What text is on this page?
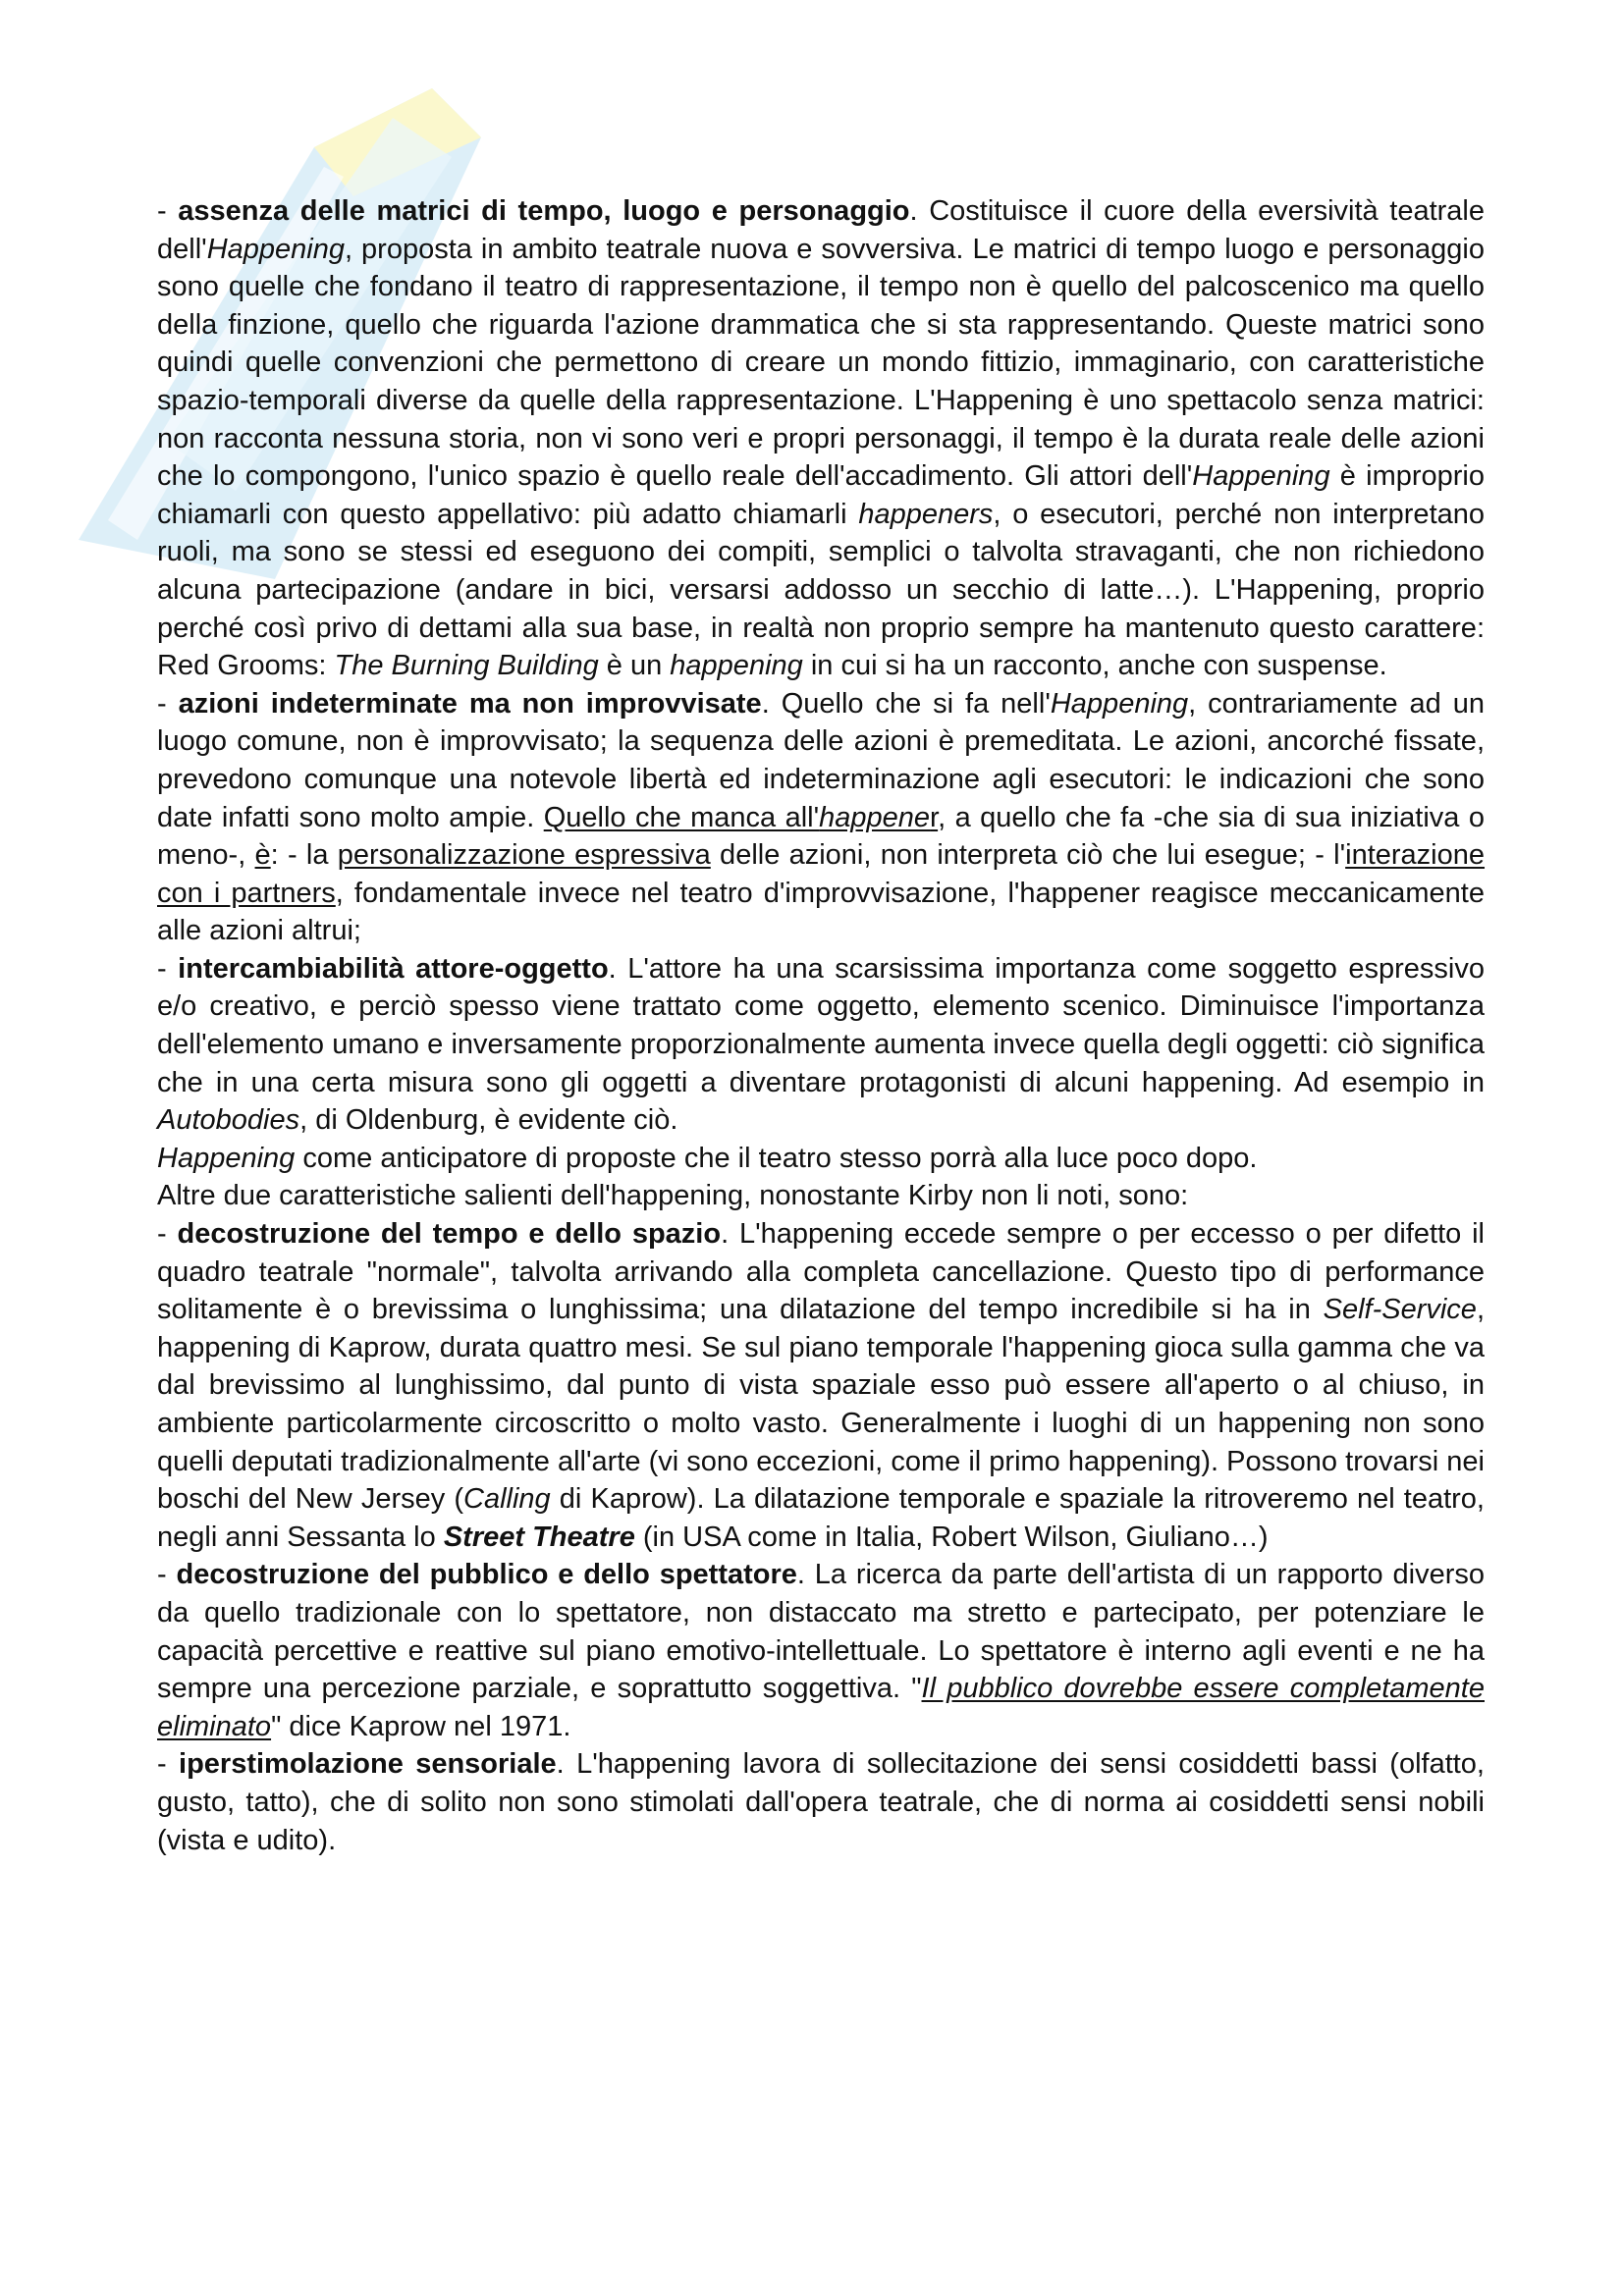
- assenza delle matrici di tempo, luogo e personaggio. Costituisce il cuore della eversività teatrale dell'Happening, proposta in ambito teatrale nuova e sovversiva. Le matrici di tempo luogo e personaggio sono quelle che fondano il teatro di rappresentazione, il tempo non è quello del palcoscenico ma quello della finzione, quello che riguarda l'azione drammatica che si sta rappresentando. Queste matrici sono quindi quelle convenzioni che permettono di creare un mondo fittizio, immaginario, con caratteristiche spazio-temporali diverse da quelle della rappresentazione. L'Happening è uno spettacolo senza matrici: non racconta nessuna storia, non vi sono veri e propri personaggi, il tempo è la durata reale delle azioni che lo compongono, l'unico spazio è quello reale dell'accadimento. Gli attori dell'Happening è improprio chiamarli con questo appellativo: più adatto chiamarli happeners, o esecutori, perché non interpretano ruoli, ma sono se stessi ed eseguono dei compiti, semplici o talvolta stravaganti, che non richiedono alcuna partecipazione (andare in bici, versarsi addosso un secchio di latte…). L'Happening, proprio perché così privo di dettami alla sua base, in realtà non proprio sempre ha mantenuto questo carattere: Red Grooms: The Burning Building è un happening in cui si ha un racconto, anche con suspense.

- azioni indeterminate ma non improvvisate. Quello che si fa nell'Happening, contrariamente ad un luogo comune, non è improvvisato; la sequenza delle azioni è premeditata. Le azioni, ancorché fissate, prevedono comunque una notevole libertà ed indeterminazione agli esecutori: le indicazioni che sono date infatti sono molto ampie. Quello che manca all'happener, a quello che fa -che sia di sua iniziativa o meno-, è: - la personalizzazione espressiva delle azioni, non interpreta ciò che lui esegue; - l'interazione con i partners, fondamentale invece nel teatro d'improvvisazione, l'happener reagisce meccanicamente alle azioni altrui;

- intercambiabilità attore-oggetto. L'attore ha una scarsissima importanza come soggetto espressivo e/o creativo, e perciò spesso viene trattato come oggetto, elemento scenico. Diminuisce l'importanza dell'elemento umano e inversamente proporzionalmente aumenta invece quella degli oggetti: ciò significa che in una certa misura sono gli oggetti a diventare protagonisti di alcuni happening. Ad esempio in Autobodies, di Oldenburg, è evidente ciò.

Happening come anticipatore di proposte che il teatro stesso porrà alla luce poco dopo.

Altre due caratteristiche salienti dell'happening, nonostante Kirby non li noti, sono:

- decostruzione del tempo e dello spazio. L'happening eccede sempre o per eccesso o per difetto il quadro teatrale "normale", talvolta arrivando alla completa cancellazione. Questo tipo di performance solitamente è o brevissima o lunghissima; una dilatazione del tempo incredibile si ha in Self-Service, happening di Kaprow, durata quattro mesi. Se sul piano temporale l'happening gioca sulla gamma che va dal brevissimo al lunghissimo, dal punto di vista spaziale esso può essere all'aperto o al chiuso, in ambiente particolarmente circoscritto o molto vasto. Generalmente i luoghi di un happening non sono quelli deputati tradizionalmente all'arte (vi sono eccezioni, come il primo happening). Possono trovarsi nei boschi del New Jersey (Calling di Kaprow). La dilatazione temporale e spaziale la ritroveremo nel teatro, negli anni Sessanta lo Street Theatre (in USA come in Italia, Robert Wilson, Giuliano…)

- decostruzione del pubblico e dello spettatore. La ricerca da parte dell'artista di un rapporto diverso da quello tradizionale con lo spettatore, non distaccato ma stretto e partecipato, per potenziare le capacità percettive e reattive sul piano emotivo-intellettuale. Lo spettatore è interno agli eventi e ne ha sempre una percezione parziale, e soprattutto soggettiva. "Il pubblico dovrebbe essere completamente eliminato" dice Kaprow nel 1971.

- iperstimolazione sensoriale. L'happening lavora di sollecitazione dei sensi cosiddetti bassi (olfatto, gusto, tatto), che di solito non sono stimolati dall'opera teatrale, che di norma ai cosiddetti sensi nobili (vista e udito).
